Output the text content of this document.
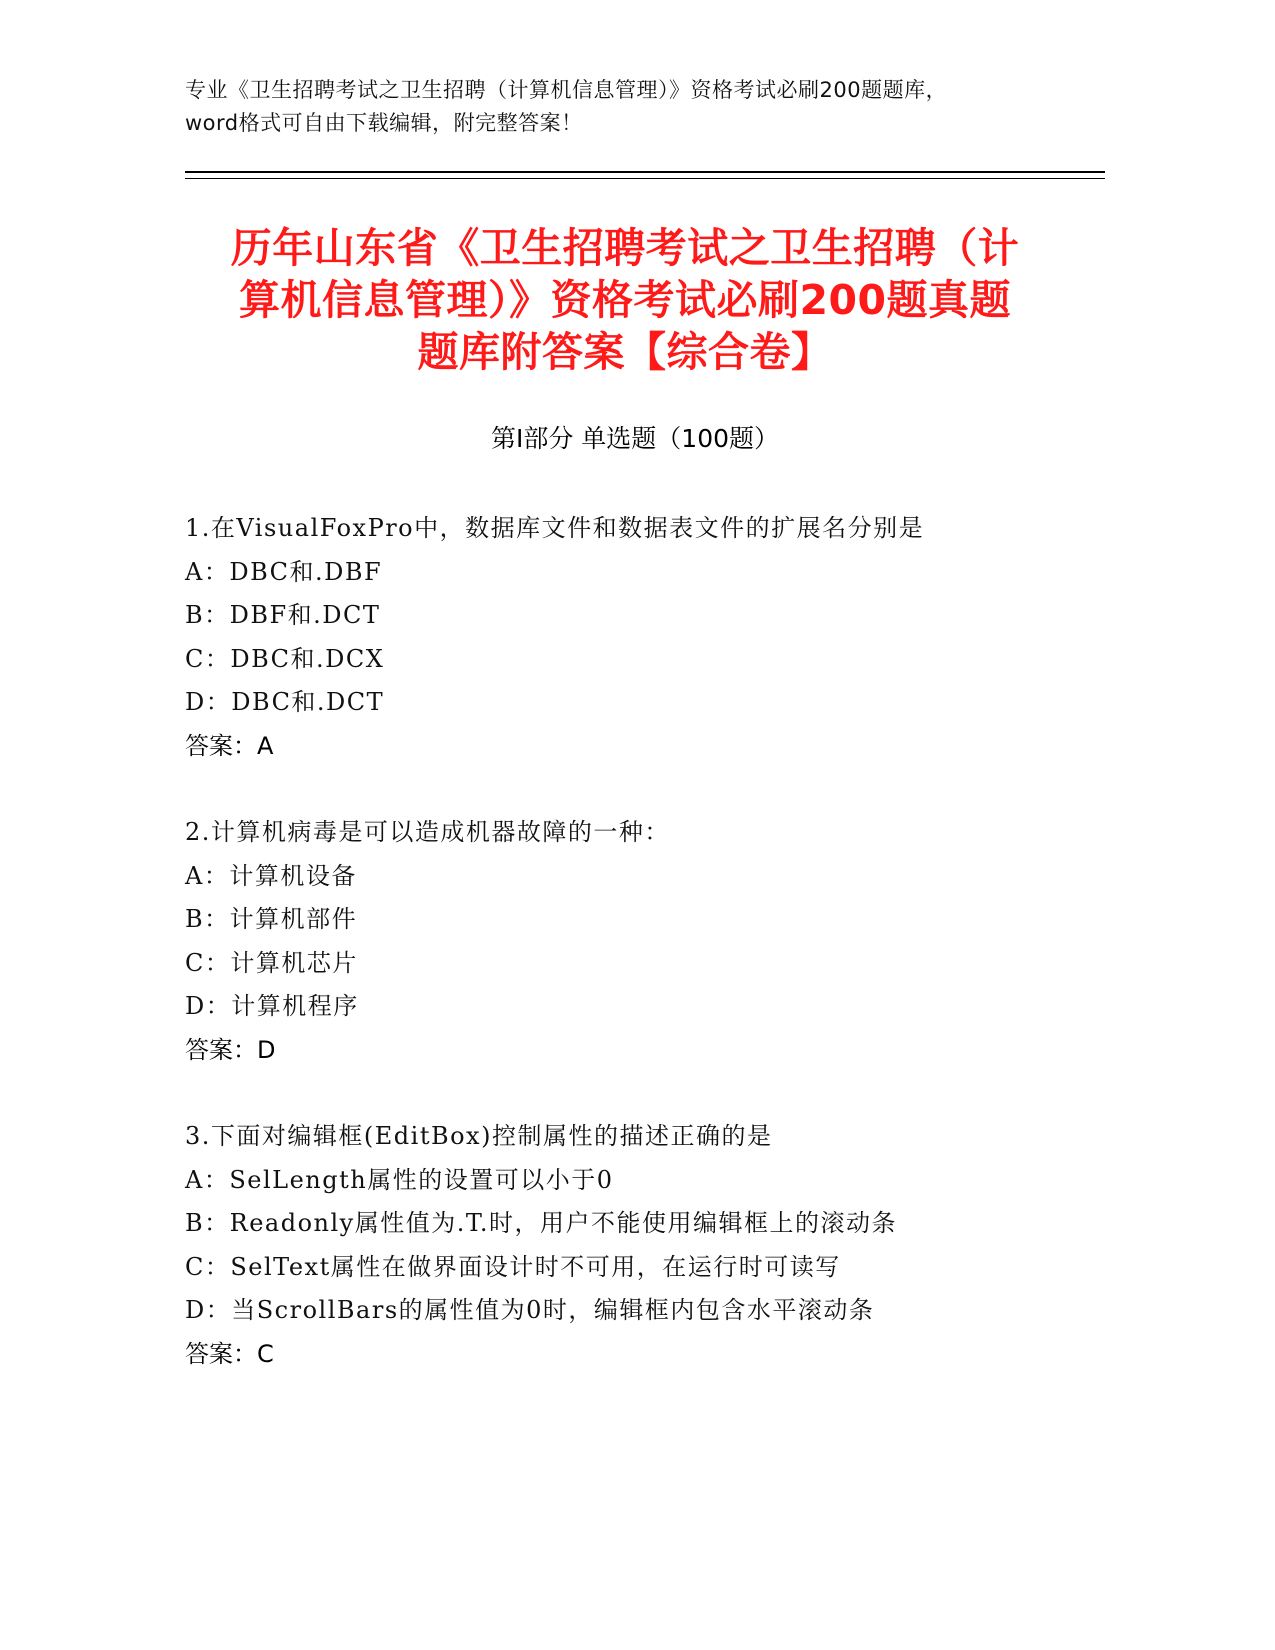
专业《卫生招聘考试之卫生招聘（计算机信息管理）》资格考试必刷200题题库，
word格式可自由下载编辑，附完整答案！
历年山东省《卫生招聘考试之卫生招聘（计
算机信息管理）》资格考试必刷200题真题
题库附答案【综合卷】
第Ⅰ部分 单选题（100题）
1.在VisualFoxPro中，数据库文件和数据表文件的扩展名分别是
A：DBC和.DBF
B：DBF和.DCT
C：DBC和.DCX
D：DBC和.DCT
答案：A
2.计算机病毒是可以造成机器故障的一种：
A：计算机设备
B：计算机部件
C：计算机芯片
D：计算机程序
答案：D
3.下面对编辑框(EditBox)控制属性的描述正确的是
A：SelLength属性的设置可以小于0
B：Readonly属性值为.T.时，用户不能使用编辑框上的滚动条
C：SelText属性在做界面设计时不可用，在运行时可读写
D：当ScrollBars的属性值为0时，编辑框内包含水平滚动条
答案：C
